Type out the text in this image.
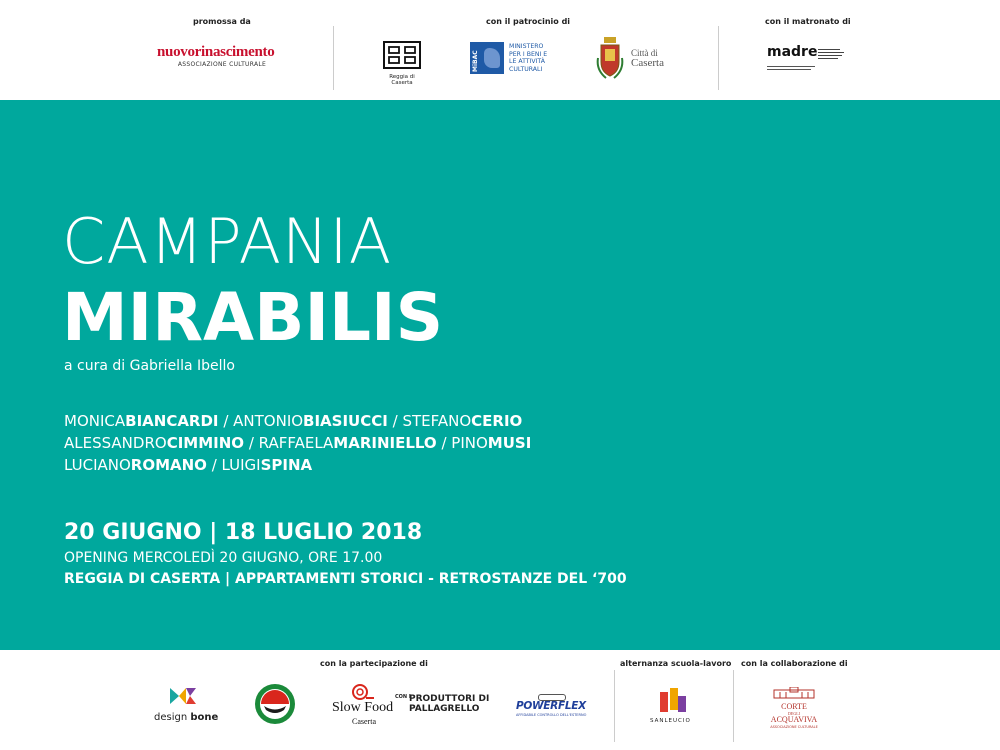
promossa da	con il patrocinio di	con il matronato di
nuovorinascimento
ASSOCIAZIONE CULTURALE
Reggia di Caserta
MiBAC
MINISTERO
PER I BENI E
LE ATTIVITÀ
CULTURALI
Città di
Caserta
madre
CAMPANIA
MIRABILIS
a cura di Gabriella Ibello
MONICABIANCARDI / ANTONIOBIASIUCCI / STEFANOCERIO
ALESSANDROCIMMINO / RAFFAELAMARINIELLO / PINOMUSI
LUCIANOROMANO / LUIGISPINA
20 GIUGNO | 18 LUGLIO 2018
OPENING MERCOLEDÌ 20 GIUGNO, ORE 17.00
REGGIA DI CASERTA | APPARTAMENTI STORICI - RETROSTANZE DEL ‘700
con la partecipazione di	alternanza scuola-lavoro con la collaborazione di
design bone
Slow Food
Caserta
CON I
PRODUTTORI DI
PALLAGRELLO	POWERFLEX
AFFIDABILE CONTROLLO DELL'ESTERNO
SANLEUCIO
CORTE
DEGLI
ACQUAVIVA
ASSOCIAZIONE CULTURALE
